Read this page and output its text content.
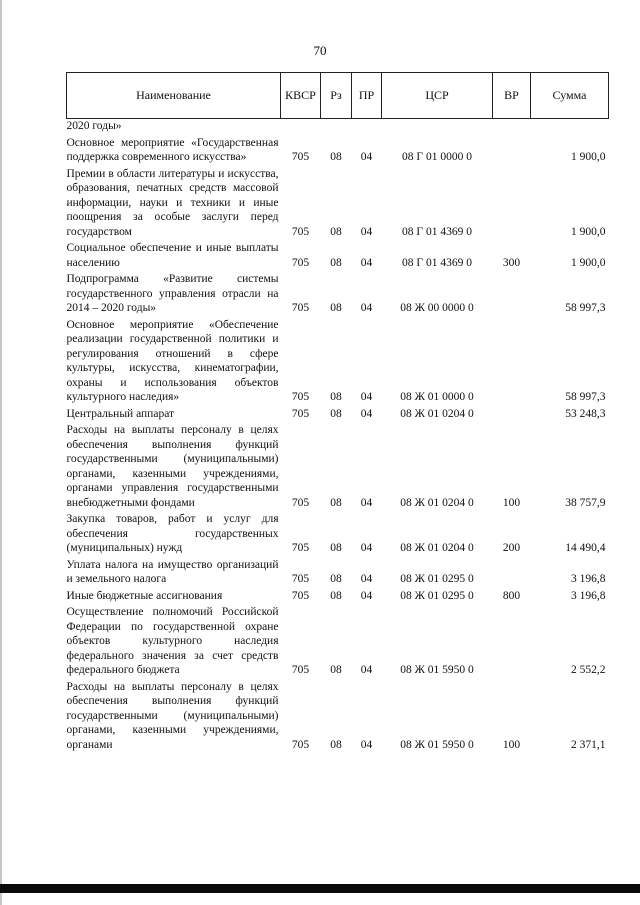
70
Наименование	КВСР	Рз	ПР	ЦСР	ВР	Сумма
2020 годы»						
Основное мероприятие «Государственная поддержка современного искусства»	705	08	04	08 Г 01 0000 0		1 900,0
Премии в области литературы и искусства, образования, печатных средств массовой информации, науки и техники и иные поощрения за особые заслуги перед государством	705	08	04	08 Г 01 4369 0		1 900,0
Социальное обеспечение и иные выплаты населению	705	08	04	08 Г 01 4369 0	300	1 900,0
Подпрограмма «Развитие системы государственного управления отрасли на 2014 – 2020 годы»	705	08	04	08 Ж 00 0000 0		58 997,3
Основное мероприятие «Обеспечение реализации государственной политики и регулирования отношений в сфере культуры, искусства, кинематографии, охраны и использования объектов культурного наследия»	705	08	04	08 Ж 01 0000 0		58 997,3
Центральный аппарат	705	08	04	08 Ж 01 0204 0		53 248,3
Расходы на выплаты персоналу в целях обеспечения выполнения функций государственными (муниципальными) органами, казенными учреждениями, органами управления государственными внебюджетными фондами	705	08	04	08 Ж 01 0204 0	100	38 757,9
Закупка товаров, работ и услуг для обеспечения государственных (муниципальных) нужд	705	08	04	08 Ж 01 0204 0	200	14 490,4
Уплата налога на имущество организаций и земельного налога	705	08	04	08 Ж 01 0295 0		3 196,8
Иные бюджетные ассигнования	705	08	04	08 Ж 01 0295 0	800	3 196,8
Осуществление полномочий Российской Федерации по государственной охране объектов культурного наследия федерального значения за счет средств федерального бюджета	705	08	04	08 Ж 01 5950 0		2 552,2
Расходы на выплаты персоналу в целях обеспечения выполнения функций государственными (муниципальными) органами, казенными учреждениями, органами	705	08	04	08 Ж 01 5950 0	100	2 371,1
